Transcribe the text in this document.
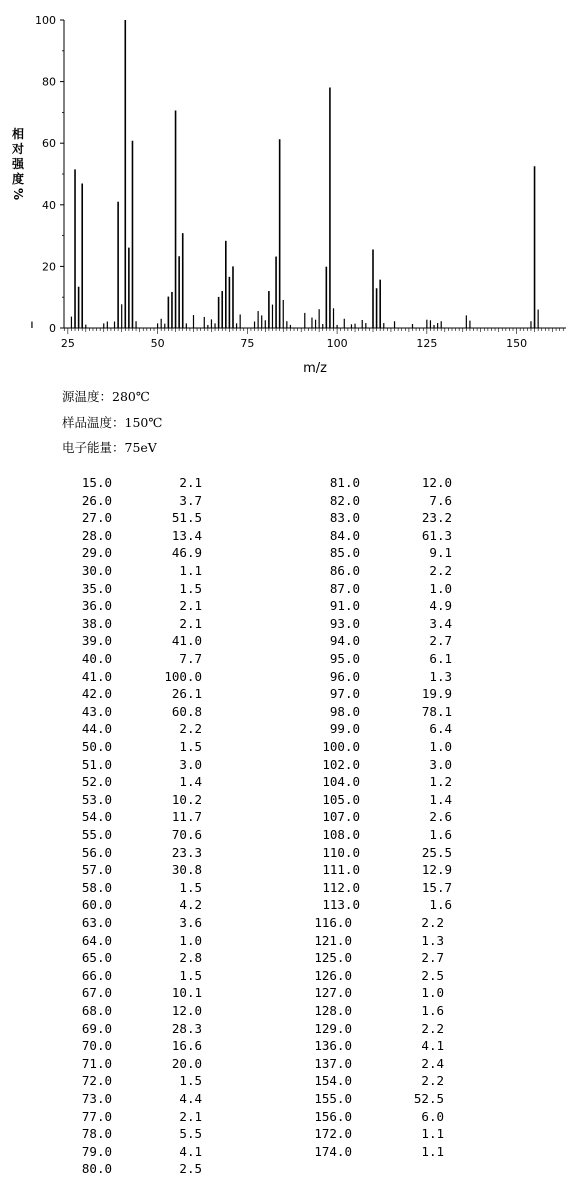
相
对
强
度
%
25	50	75	100	125	150
0
20
40
60
80
100
m/z
源温度：280℃
样品温度：150℃
电子能量：75eV
15.0	2.1
26.0	3.7
27.0	51.5
28.0	13.4
29.0	46.9
30.0	1.1
35.0	1.5
36.0	2.1
38.0	2.1
39.0	41.0
40.0	7.7
41.0	100.0
42.0	26.1
43.0	60.8
44.0	2.2
50.0	1.5
51.0	3.0
52.0	1.4
53.0	10.2
54.0	11.7
55.0	70.6
56.0	23.3
57.0	30.8
58.0	1.5
60.0	4.2
63.0	3.6
64.0	1.0
65.0	2.8
66.0	1.5
67.0	10.1
68.0	12.0
69.0	28.3
70.0	16.6
71.0	20.0
72.0	1.5
73.0	4.4
77.0	2.1
78.0	5.5
79.0	4.1
80.0	2.5
81.0	12.0
82.0	7.6
83.0	23.2
84.0	61.3
85.0	9.1
86.0	2.2
87.0	1.0
91.0	4.9
93.0	3.4
94.0	2.7
95.0	6.1
96.0	1.3
97.0	19.9
98.0	78.1
99.0	6.4
100.0	1.0
102.0	3.0
104.0	1.2
105.0	1.4
107.0	2.6
108.0	1.6
110.0	25.5
111.0	12.9
112.0	15.7
113.0	1.6
116.0	2.2
121.0	1.3
125.0	2.7
126.0	2.5
127.0	1.0
128.0	1.6
129.0	2.2
136.0	4.1
137.0	2.4
154.0	2.2
155.0	52.5
156.0	6.0
172.0	1.1
174.0	1.1
